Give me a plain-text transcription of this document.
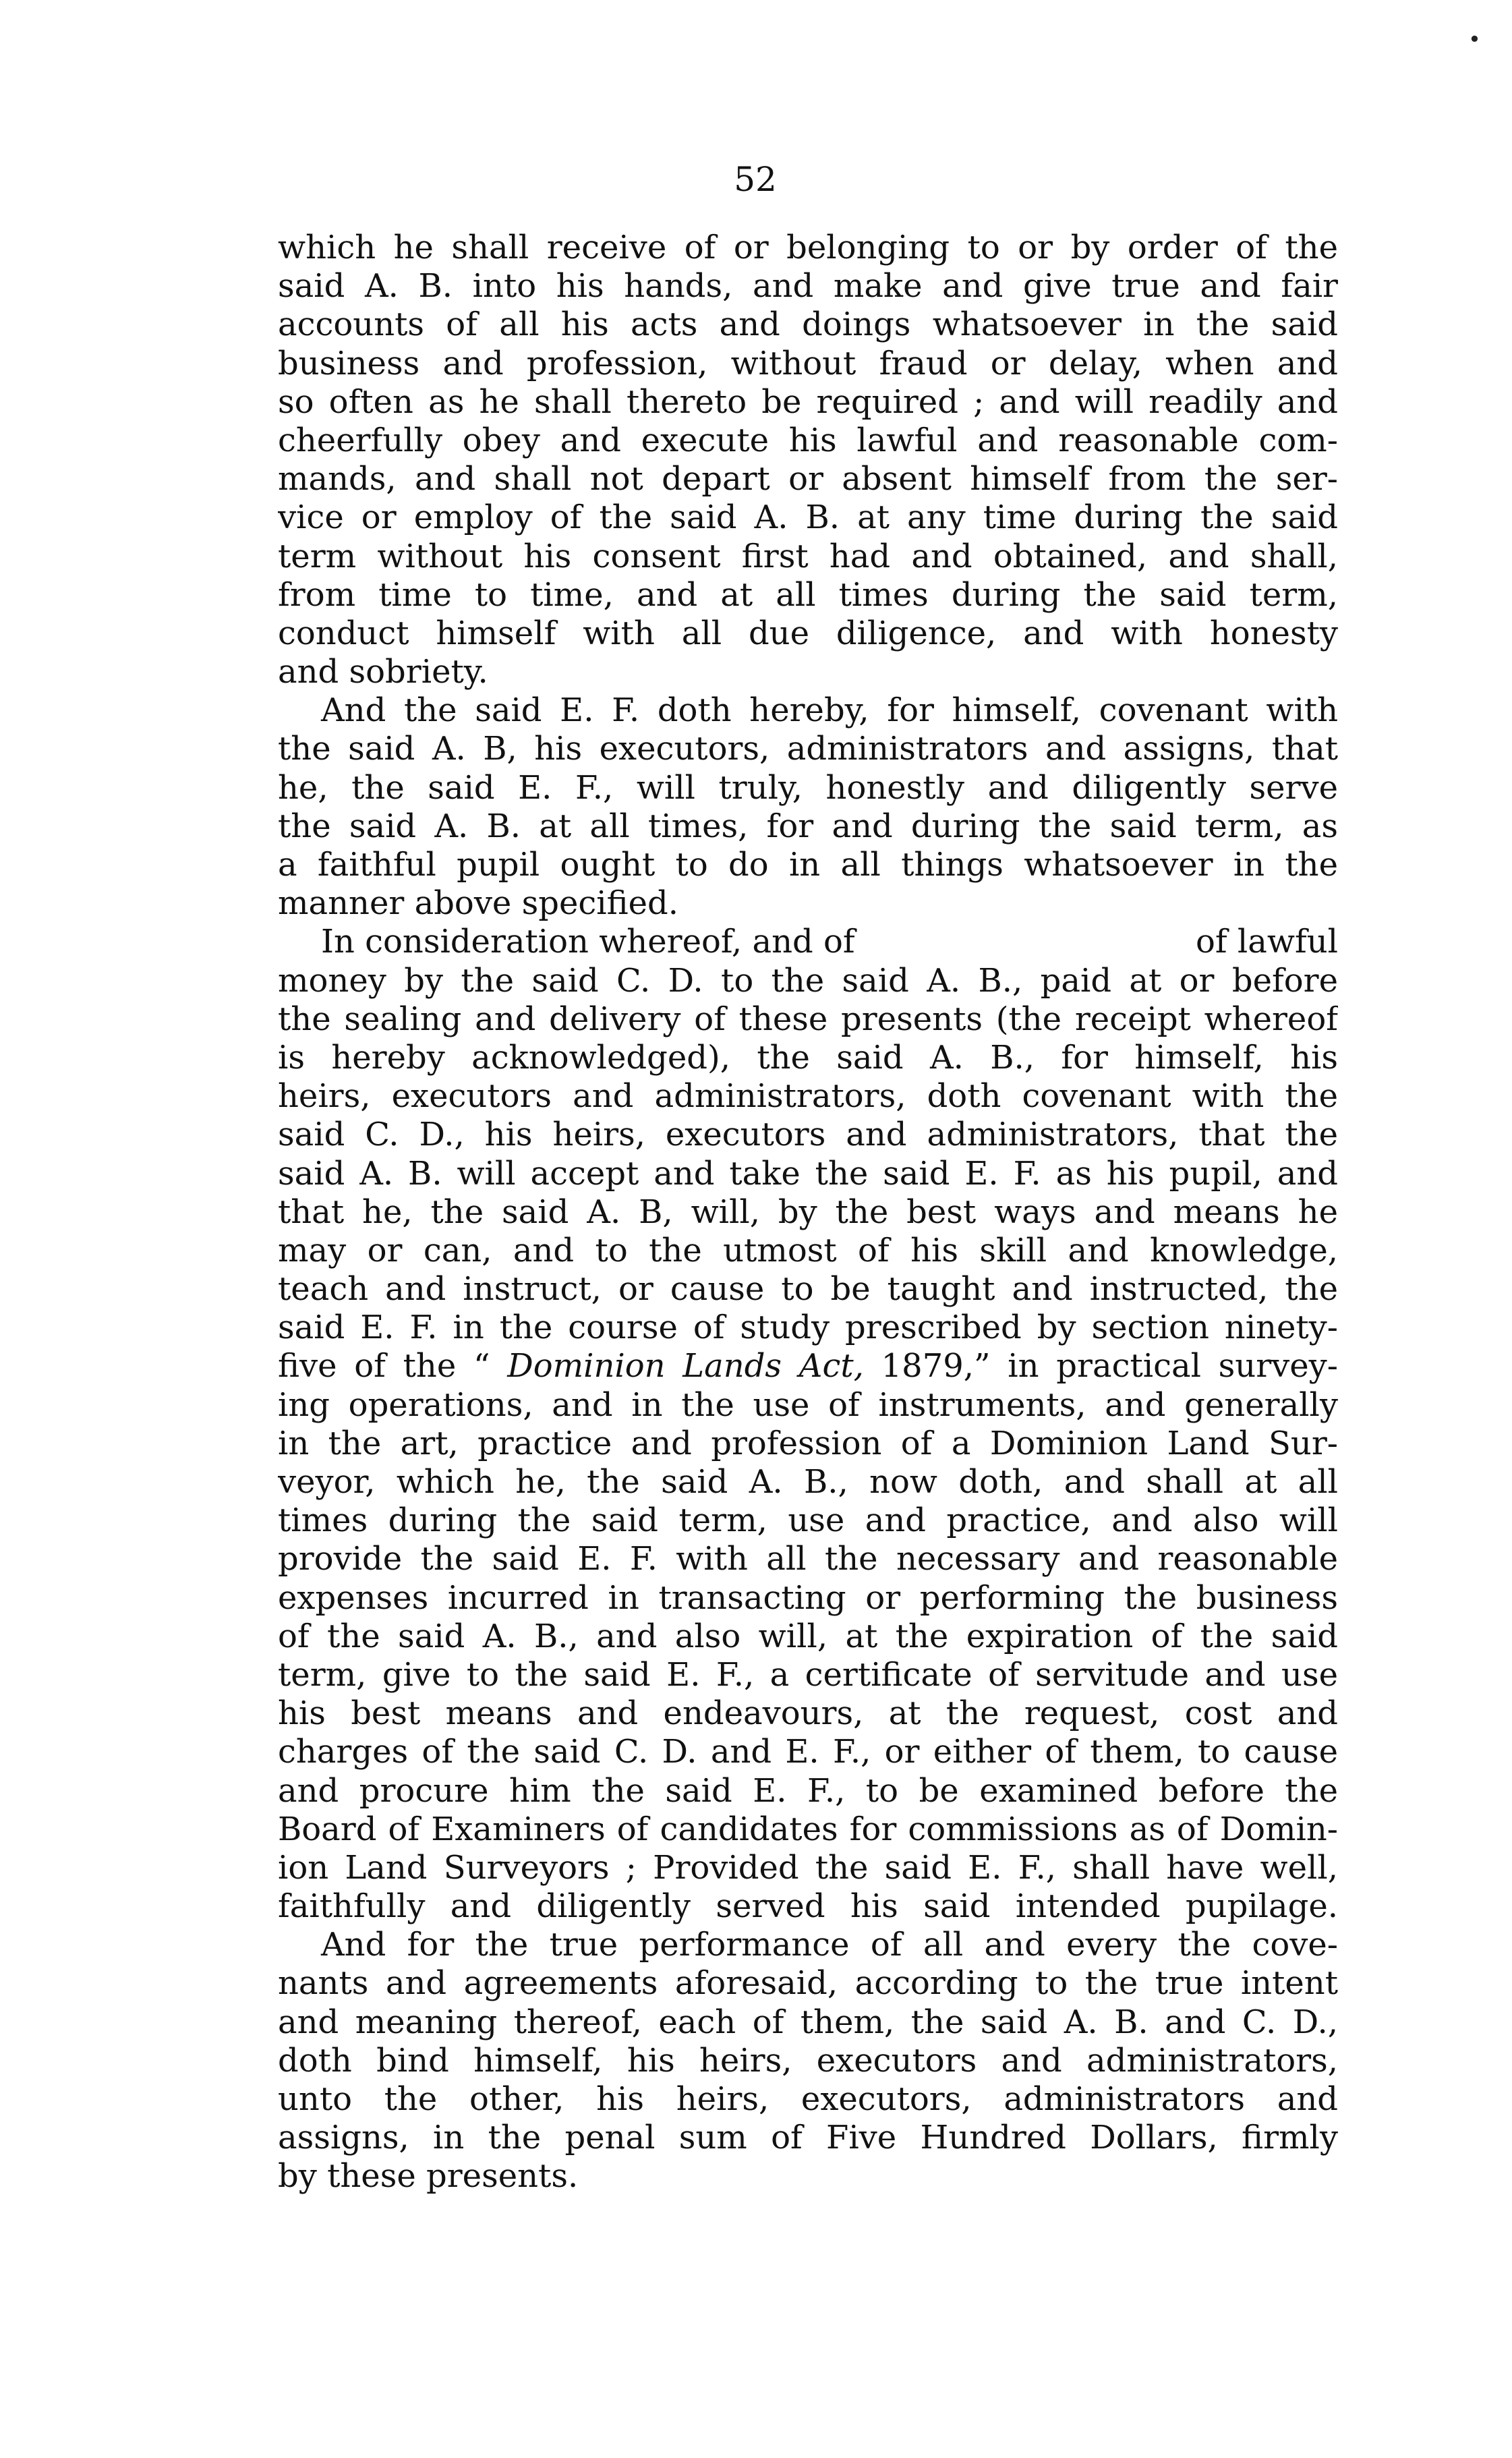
•
52
which he shall receive of or belonging to or by order of the
said A. B. into his hands, and make and give true and fair
accounts of all his acts and doings whatsoever in the said
business and profession, without fraud or delay, when and
so often as he shall thereto be required ; and will readily and
cheerfully obey and execute his lawful and reasonable com-
mands, and shall not depart or absent himself from the ser-
vice or employ of the said A. B. at any time during the said
term without his consent first had and obtained, and shall,
from time to time, and at all times during the said term,
conduct himself with all due diligence, and with honesty
and sobriety.
And the said E. F. doth hereby, for himself, covenant with
the said A. B, his executors, administrators and assigns, that
he, the said E. F., will truly, honestly and diligently serve
the said A. B. at all times, for and during the said term, as
a faithful pupil ought to do in all things whatsoever in the
manner above specified.
In consideration whereof, and of	of lawful
money by the said C. D. to the said A. B., paid at or before
the sealing and delivery of these presents (the receipt whereof
is hereby acknowledged), the said A. B., for himself, his
heirs, executors and administrators, doth covenant with the
said C. D., his heirs, executors and administrators, that the
said A. B. will accept and take the said E. F. as his pupil, and
that he, the said A. B, will, by the best ways and means he
may or can, and to the utmost of his skill and knowledge,
teach and instruct, or cause to be taught and instructed, the
said E. F. in the course of study prescribed by section ninety-
five of the “ Dominion Lands Act, 1879,” in practical survey-
ing operations, and in the use of instruments, and generally
in the art, practice and profession of a Dominion Land Sur-
veyor, which he, the said A. B., now doth, and shall at all
times during the said term, use and practice, and also will
provide the said E. F. with all the necessary and reasonable
expenses incurred in transacting or performing the business
of the said A. B., and also will, at the expiration of the said
term, give to the said E. F., a certificate of servitude and use
his best means and endeavours, at the request, cost and
charges of the said C. D. and E. F., or either of them, to cause
and procure him the said E. F., to be examined before the
Board of Examiners of candidates for commissions as of Domin-
ion Land Surveyors ; Provided the said E. F., shall have well,
faithfully and diligently served his said intended pupilage.
And for the true performance of all and every the cove-
nants and agreements aforesaid, according to the true intent
and meaning thereof, each of them, the said A. B. and C. D.,
doth bind himself, his heirs, executors and administrators,
unto the other, his heirs, executors, administrators and
assigns, in the penal sum of Five Hundred Dollars, firmly
by these presents.
